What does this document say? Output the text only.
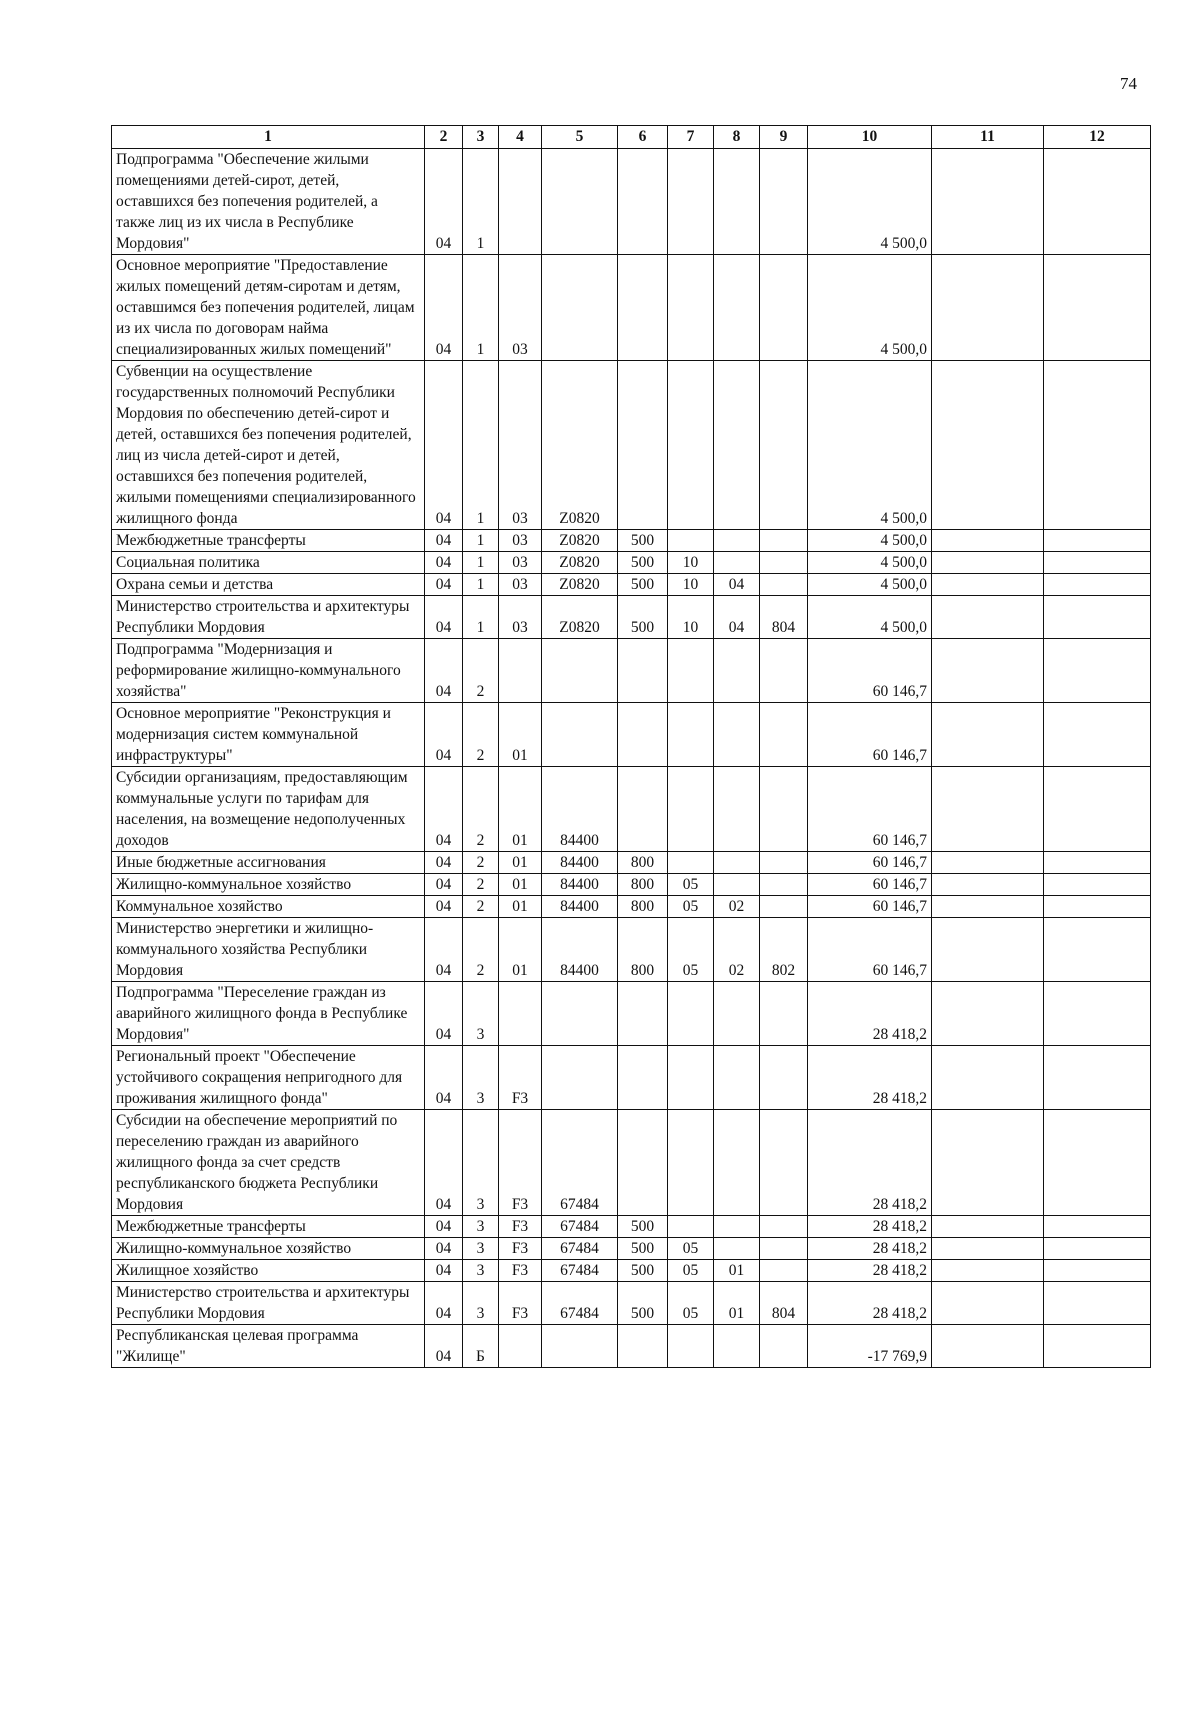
74
1	2	3	4	5	6	7	8	9	10	11	12
Подпрограмма "Обеспечение жилыми помещениями детей-сирот, детей, оставшихся без попечения родителей, а также лиц из их числа в Республике Мордовия"	04	1							4 500,0		
Основное мероприятие "Предоставление жилых помещений детям-сиротам и детям, оставшимся без попечения родителей, лицам из их числа по договорам найма специализированных жилых помещений"	04	1	03						4 500,0		
Субвенции на осуществление государственных полномочий Республики Мордовия по обеспечению детей-сирот и детей, оставшихся без попечения родителей, лиц из числа детей-сирот и детей, оставшихся без попечения родителей, жилыми помещениями специализированного жилищного фонда	04	1	03	Z0820					4 500,0		
Межбюджетные трансферты	04	1	03	Z0820	500				4 500,0		
Социальная политика	04	1	03	Z0820	500	10			4 500,0		
Охрана семьи и детства	04	1	03	Z0820	500	10	04		4 500,0		
Министерство строительства и архитектуры Республики Мордовия	04	1	03	Z0820	500	10	04	804	4 500,0		
Подпрограмма "Модернизация и реформирование жилищно-коммунального хозяйства"	04	2							60 146,7		
Основное мероприятие "Реконструкция и модернизация систем коммунальной инфраструктуры"	04	2	01						60 146,7		
Субсидии организациям, предоставляющим коммунальные услуги по тарифам для населения, на возмещение недополученных доходов	04	2	01	84400					60 146,7		
Иные бюджетные ассигнования	04	2	01	84400	800				60 146,7		
Жилищно-коммунальное хозяйство	04	2	01	84400	800	05			60 146,7		
Коммунальное хозяйство	04	2	01	84400	800	05	02		60 146,7		
Министерство энергетики и жилищно-коммунального хозяйства Республики Мордовия	04	2	01	84400	800	05	02	802	60 146,7		
Подпрограмма "Переселение граждан из аварийного жилищного фонда в Республике Мордовия"	04	3							28 418,2		
Региональный проект "Обеспечение устойчивого сокращения непригодного для проживания жилищного фонда"	04	3	F3						28 418,2		
Субсидии на обеспечение мероприятий по переселению граждан из аварийного жилищного фонда за счет средств республиканского бюджета Республики Мордовия	04	3	F3	67484					28 418,2		
Межбюджетные трансферты	04	3	F3	67484	500				28 418,2		
Жилищно-коммунальное хозяйство	04	3	F3	67484	500	05			28 418,2		
Жилищное хозяйство	04	3	F3	67484	500	05	01		28 418,2		
Министерство строительства и архитектуры Республики Мордовия	04	3	F3	67484	500	05	01	804	28 418,2		
Республиканская целевая программа "Жилище"	04	Б							-17 769,9		
